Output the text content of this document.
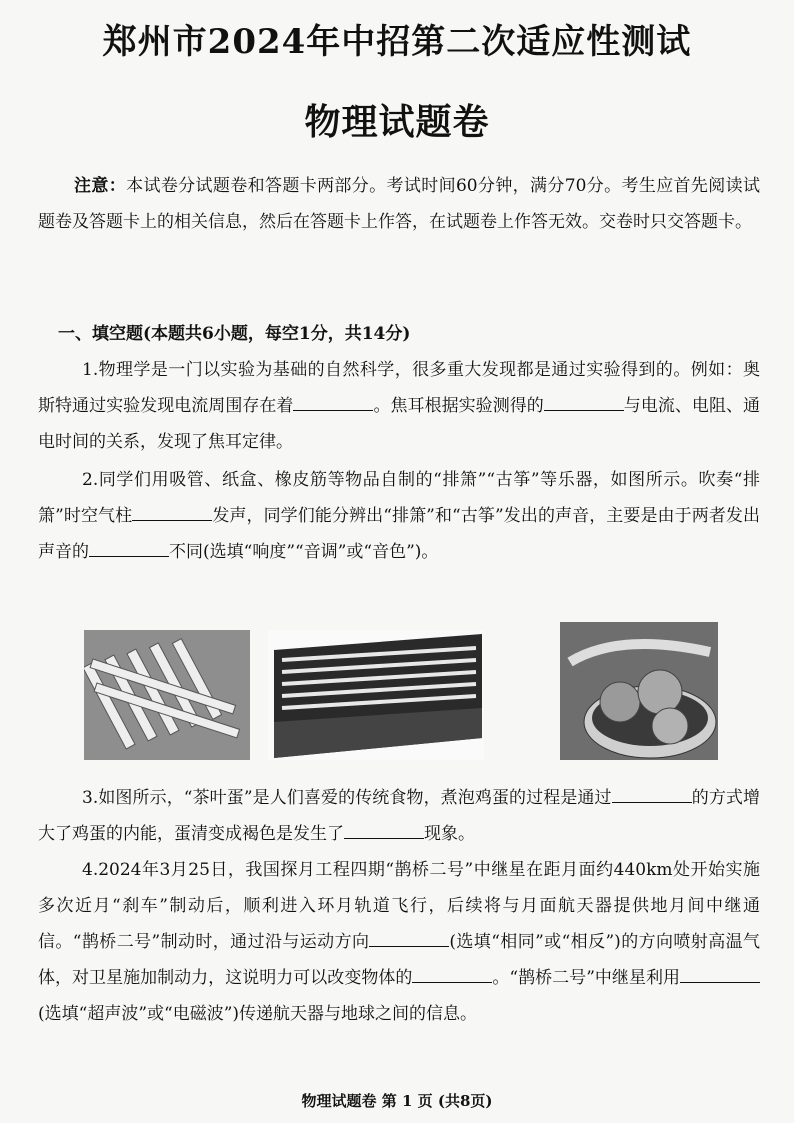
郑州市2024年中招第二次适应性测试
物理试题卷
注意：本试卷分试题卷和答题卡两部分。考试时间60分钟，满分70分。考生应首先阅读试题卷及答题卡上的相关信息，然后在答题卡上作答，在试题卷上作答无效。交卷时只交答题卡。
一、填空题(本题共6小题，每空1分，共14分)
1.物理学是一门以实验为基础的自然科学，很多重大发现都是通过实验得到的。例如：奥斯特通过实验发现电流周围存在着	。焦耳根据实验测得的	与电流、电阻、通电时间的关系，发现了焦耳定律。
2.同学们用吸管、纸盒、橡皮筋等物品自制的“排箫”“古筝”等乐器，如图所示。吹奏“排箫”时空气柱	发声，同学们能分辨出“排箫”和“古筝”发出的声音，主要是由于两者发出声音的	不同(选填“响度”“音调”或“音色”)。
3.如图所示，“茶叶蛋”是人们喜爱的传统食物，煮泡鸡蛋的过程是通过	的方式增大了鸡蛋的内能，蛋清变成褐色是发生了	现象。
4.2024年3月25日，我国探月工程四期“鹊桥二号”中继星在距月面约440km处开始实施多次近月“刹车”制动后，顺利进入环月轨道飞行，后续将与月面航天器提供地月间中继通信。“鹊桥二号”制动时，通过沿与运动方向	(选填“相同”或“相反”)的方向喷射高温气体，对卫星施加制动力，这说明力可以改变物体的	。“鹊桥二号”中继星利用(选填“超声波”或“电磁波”)传递航天器与地球之间的信息。
物理试题卷 第 1 页 (共8页)
